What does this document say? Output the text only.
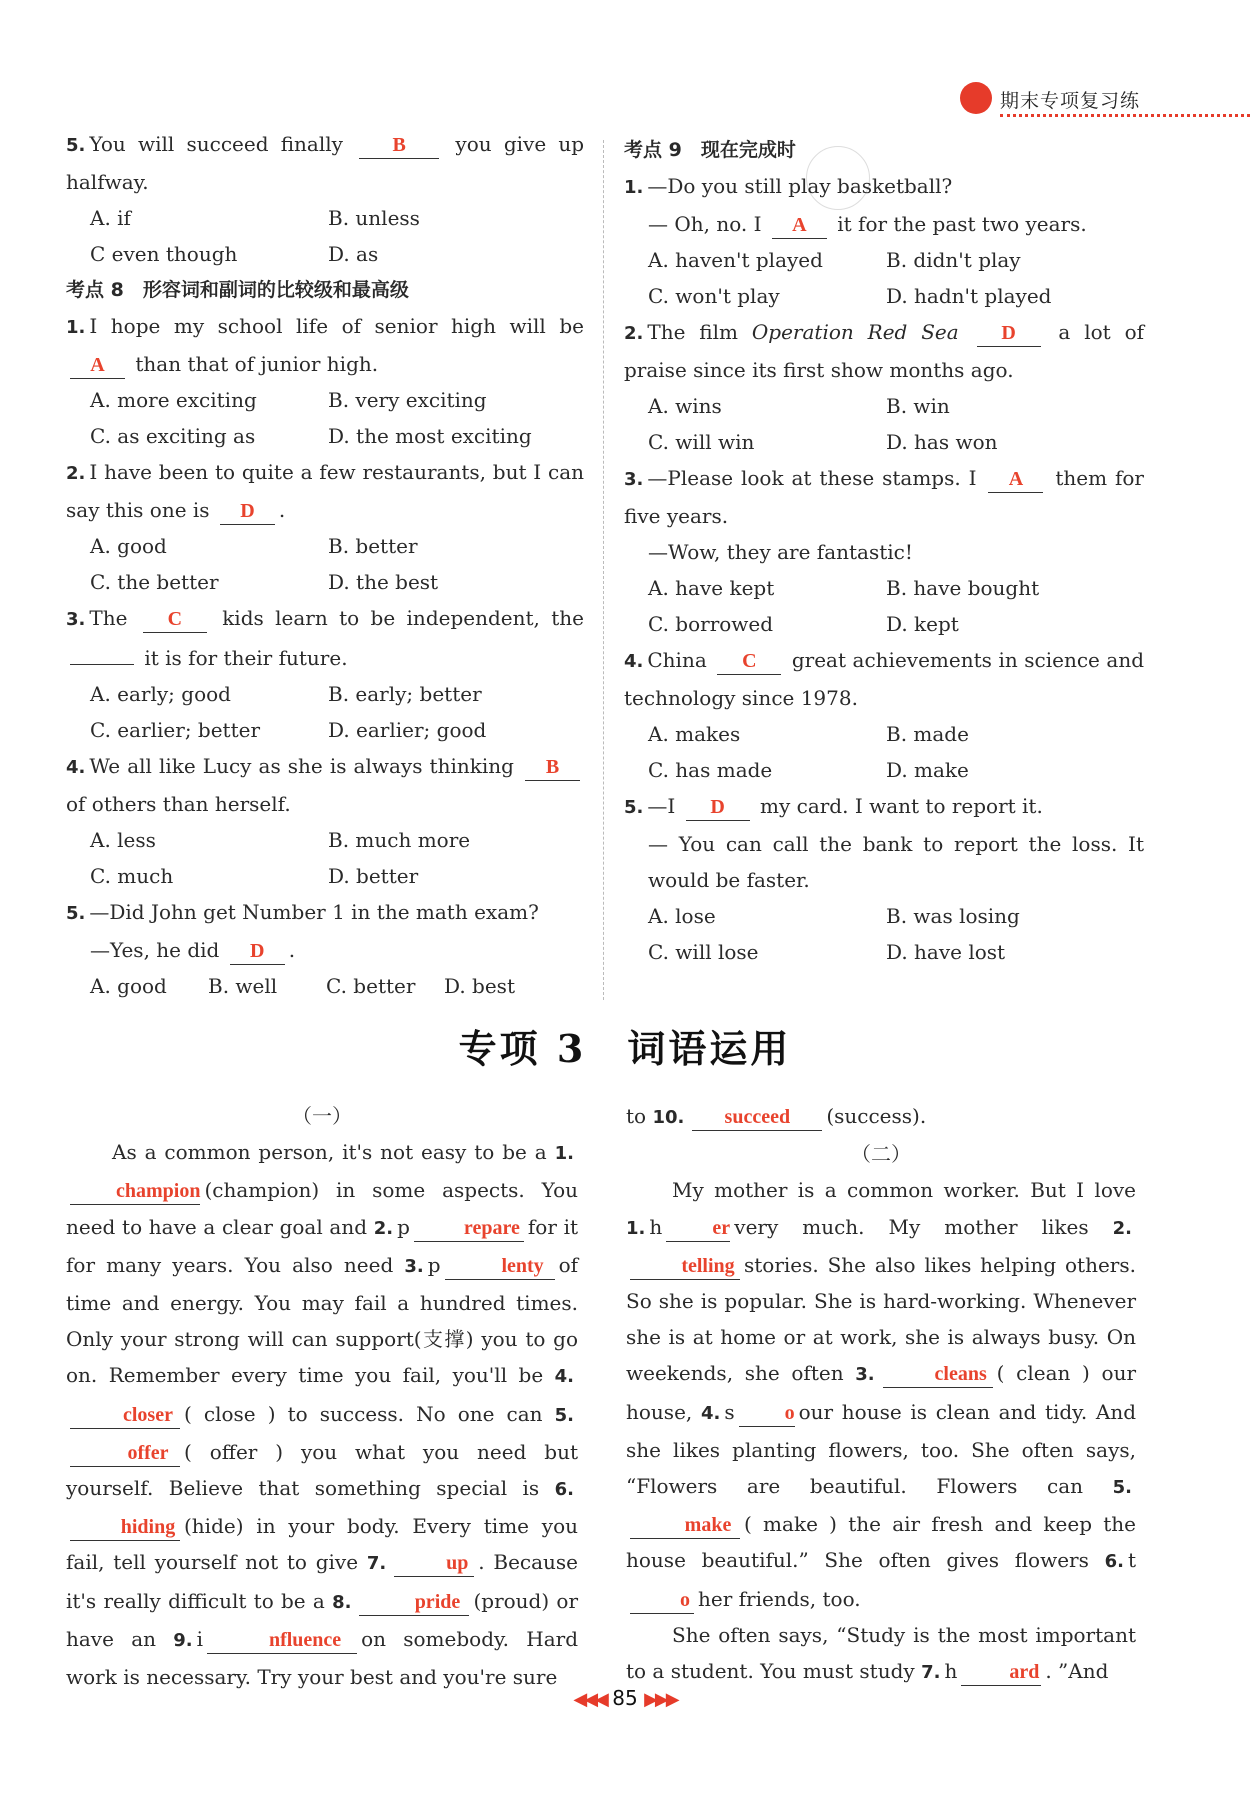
期末专项复习练

5. You will succeed finally B you give up halfway.

A. if	B. unless
C even though	D. as

考点 8　形容词和副词的比较级和最高级

1. I hope my school life of senior high will be A than that of junior high.

A. more exciting	B. very exciting
C. as exciting as	D. the most exciting

2. I have been to quite a few restaurants, but I can say this one is D .

A. good	B. better
C. the better	D. the best

3. The C kids learn to be independent, the  it is for their future.

A. early; good	B. early; better
C. earlier; better	D. earlier; good

4. We all like Lucy as she is always thinking B of others than herself.

A. less	B. much more
C. much	D. better

5. —Did John get Number 1 in the math exam?

—Yes, he did D .

A. good	B. well	C. better	D. best

考点 9　现在完成时

1. —Do you still play basketball?

— Oh, no. I A it for the past two years.

A. haven't played	B. didn't play
C. won't play	D. hadn't played

2. The film Operation Red Sea D a lot of praise since its first show months ago.

A. wins	B. win
C. will win	D. has won

3. —Please look at these stamps. I A them for five years.

—Wow, they are fantastic!

A. have kept	B. have bought
C. borrowed	D. kept

4. China C great achievements in science and technology since 1978.

A. makes	B. made
C. has made	D. make

5. —I D my card. I want to report it.

— You can call the bank to report the loss. It would be faster.

A. lose	B. was losing
C. will lose	D. have lost
专项 3　词语运用

（一）

As a common person, it's not easy to be a 1.champion (champion) in some aspects. You need to have a clear goal and 2. p	repare for it for many years. You also need 3. p	lenty of time and energy. You may fail a hundred times. Only your strong will can support(支撑) you to go on. Remember every time you fail, you'll be 4.closer ( close ) to success. No one can 5.offer ( offer ) you what you need but yourself. Believe that something special is 6.hiding (hide) in your body. Every time you fail, tell yourself not to give 7.	up . Because it's really difficult to be a 8.	pride (proud) or have an 9. i	nfluence on somebody. Hard work is necessary. Try your best and you're sure

to 10. succeed (success).

（二）

My mother is a common worker. But I love 1. h	er very much. My mother likes 2.telling stories. She also likes helping others. So she is popular. She is hard-working. Whenever she is at home or at work, she is always busy. On weekends, she often 3.	cleans ( clean ) our house, 4. s	o our house is clean and tidy. And she likes planting flowers, too. She often says, “Flowers are beautiful. Flowers can 5.make ( make ) the air fresh and keep the house beautiful.” She often gives flowers 6. to her friends, too.

She often says, “Study is the most important to a student. You must study 7. h	ard . ”And

◀◀◀ 85 ▶▶▶
